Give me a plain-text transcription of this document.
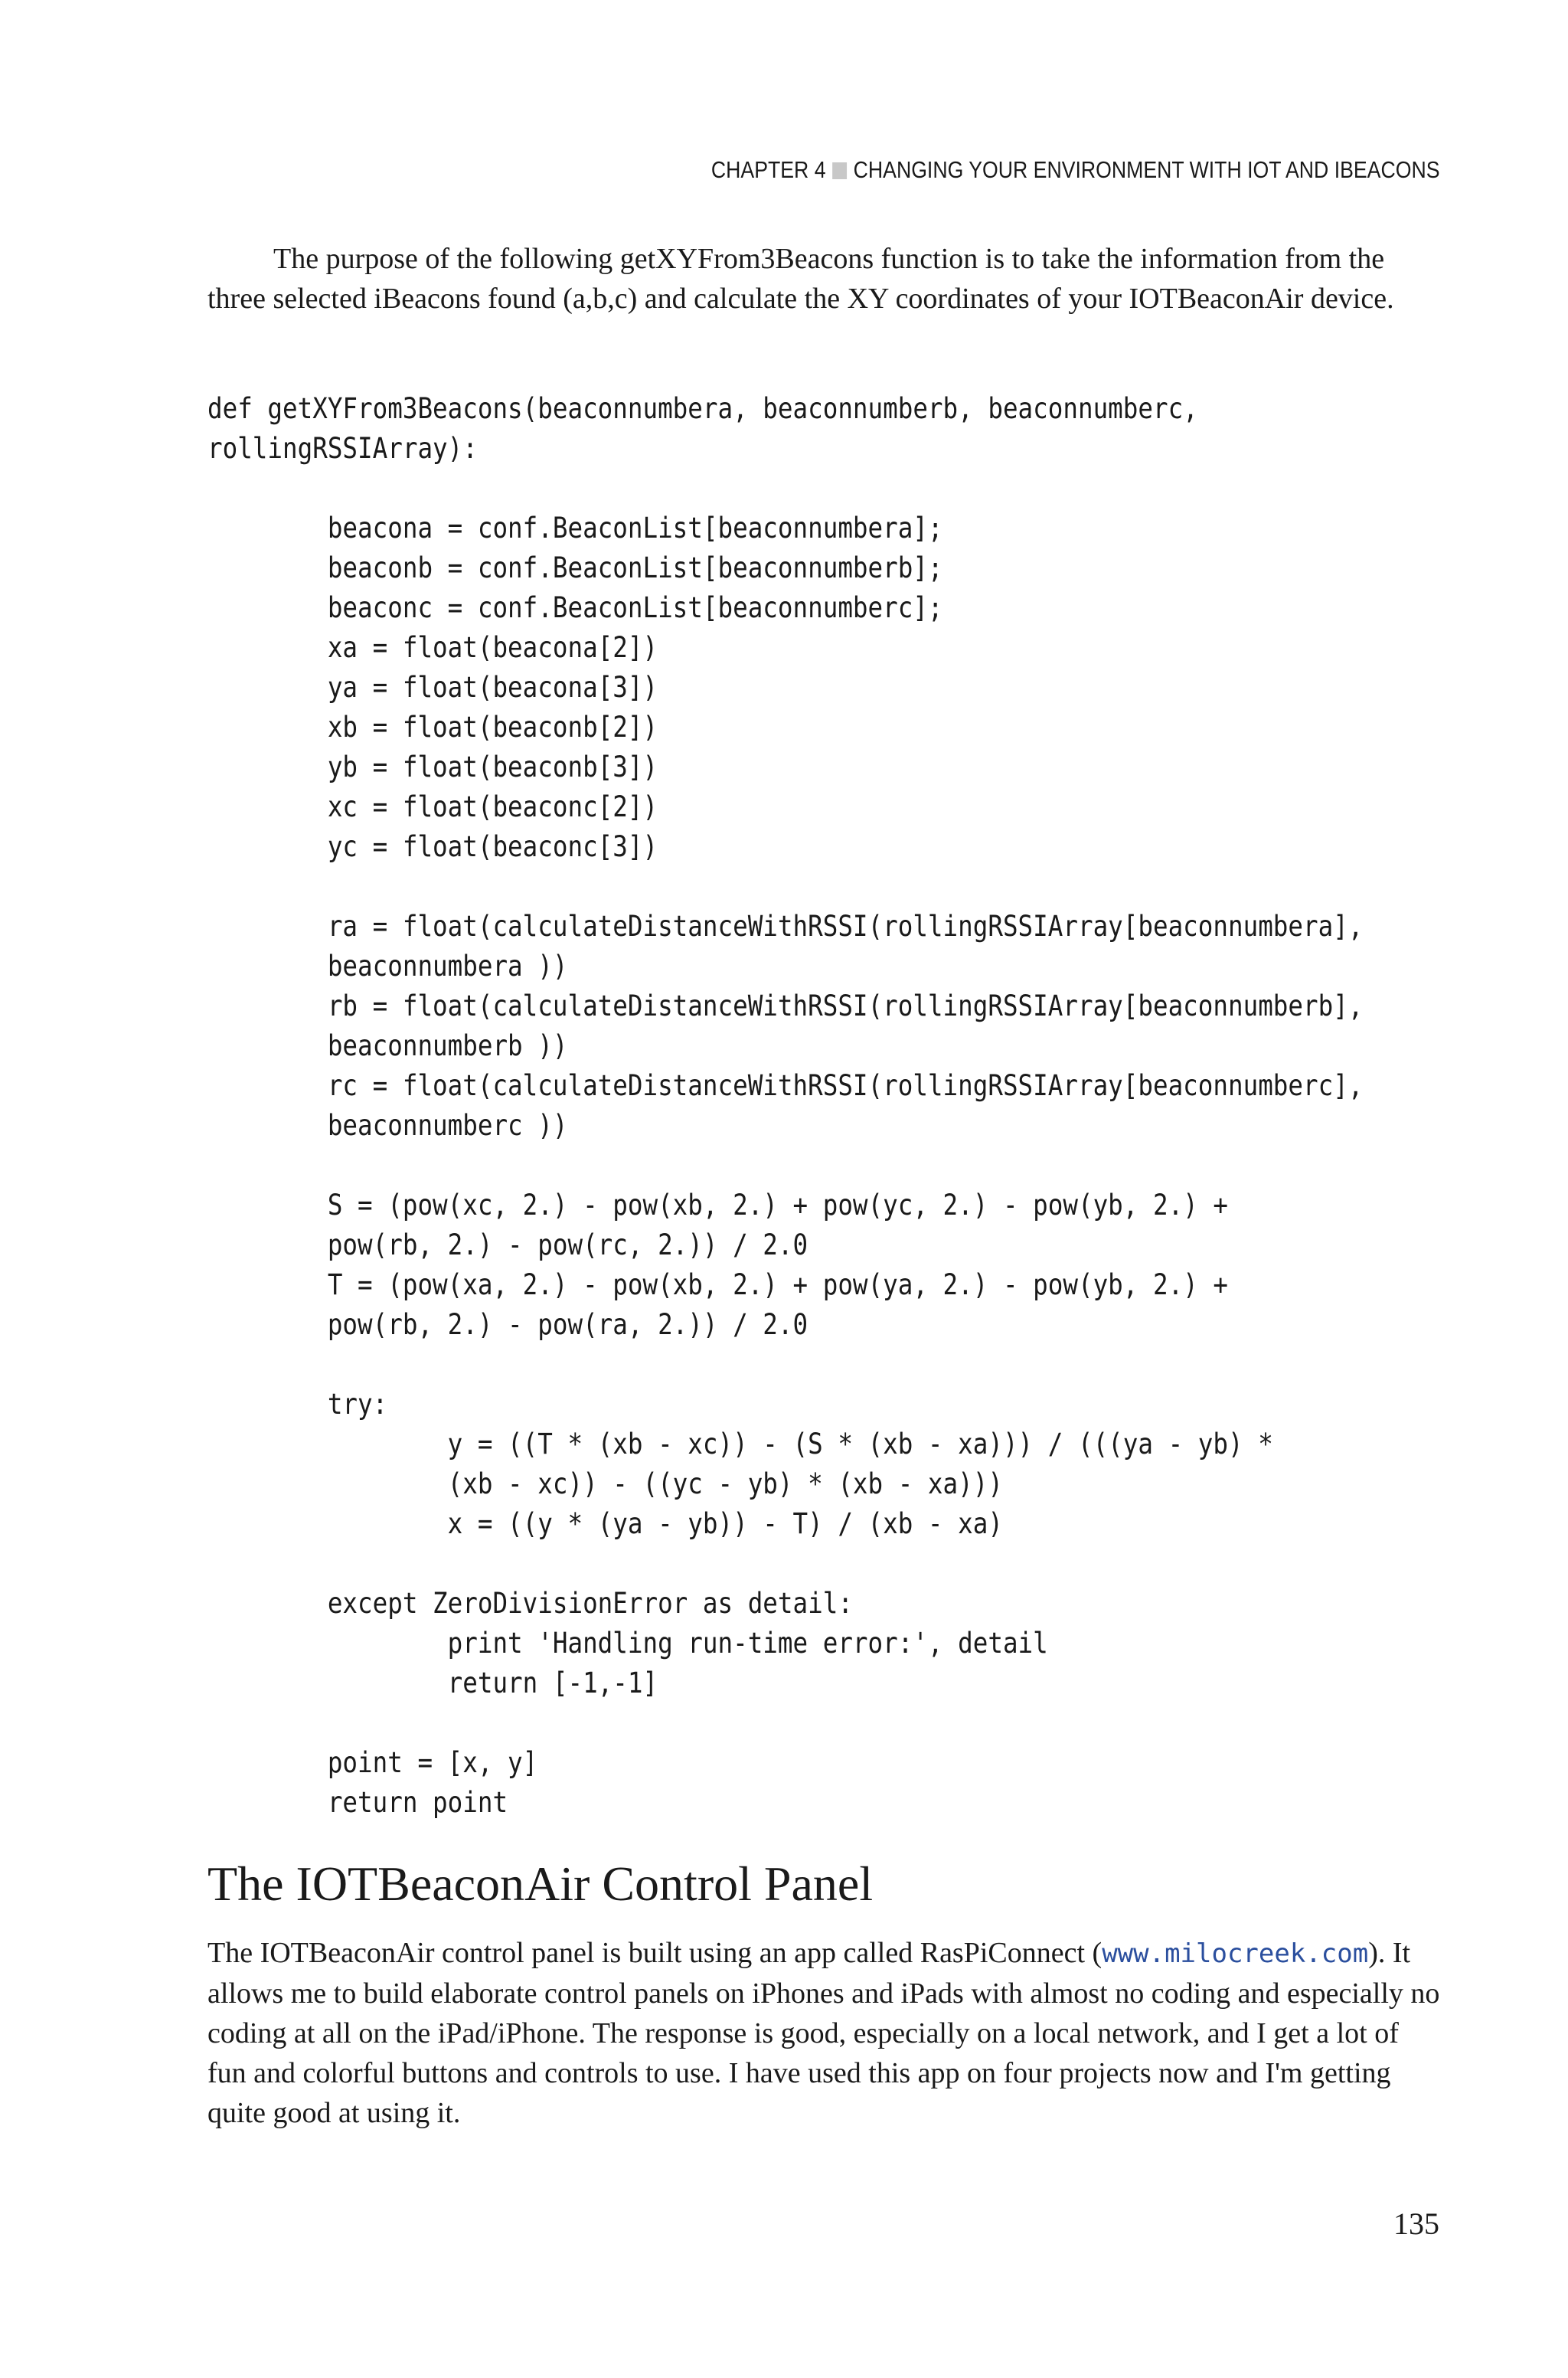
CHAPTER 4 CHANGING YOUR ENVIRONMENT WITH IOT AND IBEACONS

The purpose of the following getXYFrom3Beacons function is to take the information from the three selected iBeacons found (a,b,c) and calculate the XY coordinates of your IOTBeaconAir device.

def getXYFrom3Beacons(beaconnumbera, beaconnumberb, beaconnumberc,
rollingRSSIArray):

beacona = conf.BeaconList[beaconnumbera];
beaconb = conf.BeaconList[beaconnumberb];
beaconc = conf.BeaconList[beaconnumberc];
xa = float(beacona[2])
ya = float(beacona[3])
xb = float(beaconb[2])
yb = float(beaconb[3])
xc = float(beaconc[2])
yc = float(beaconc[3])

ra = float(calculateDistanceWithRSSI(rollingRSSIArray[beaconnumbera],
beaconnumbera ))
rb = float(calculateDistanceWithRSSI(rollingRSSIArray[beaconnumberb],
beaconnumberb ))
rc = float(calculateDistanceWithRSSI(rollingRSSIArray[beaconnumberc],
beaconnumberc ))

S = (pow(xc, 2.) - pow(xb, 2.) + pow(yc, 2.) - pow(yb, 2.) +
pow(rb, 2.) - pow(rc, 2.)) / 2.0
T = (pow(xa, 2.) - pow(xb, 2.) + pow(ya, 2.) - pow(yb, 2.) +
pow(rb, 2.) - pow(ra, 2.)) / 2.0

try:
y = ((T * (xb - xc)) - (S * (xb - xa))) / (((ya - yb) *
(xb - xc)) - ((yc - yb) * (xb - xa)))
x = ((y * (ya - yb)) - T) / (xb - xa)

except ZeroDivisionError as detail:
print 'Handling run-time error:', detail
return [-1,-1]

point = [x, y]
return point
The IOTBeaconAir Control Panel

The IOTBeaconAir control panel is built using an app called RasPiConnect (www.milocreek.com). It allows me to build elaborate control panels on iPhones and iPads with almost no coding and especially no coding at all on the iPad/iPhone. The response is good, especially on a local network, and I get a lot of fun and colorful buttons and controls to use. I have used this app on four projects now and I'm getting quite good at using it.

135
